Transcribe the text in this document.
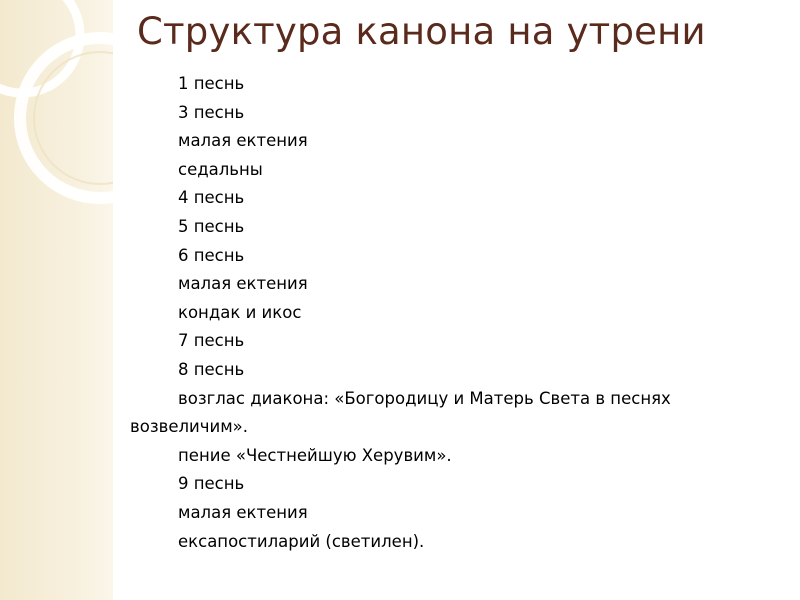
Структура канона на утрени
1 песнь
3 песнь
малая ектения
седальны
4 песнь
5 песнь
6 песнь
малая ектения
кондак и икос
7 песнь
8 песнь
возглас диакона: «Богородицу и Матерь Света в песнях возвеличим».
пение «Честнейшую Херувим».
9 песнь
малая ектения
ексапостиларий (светилен).
